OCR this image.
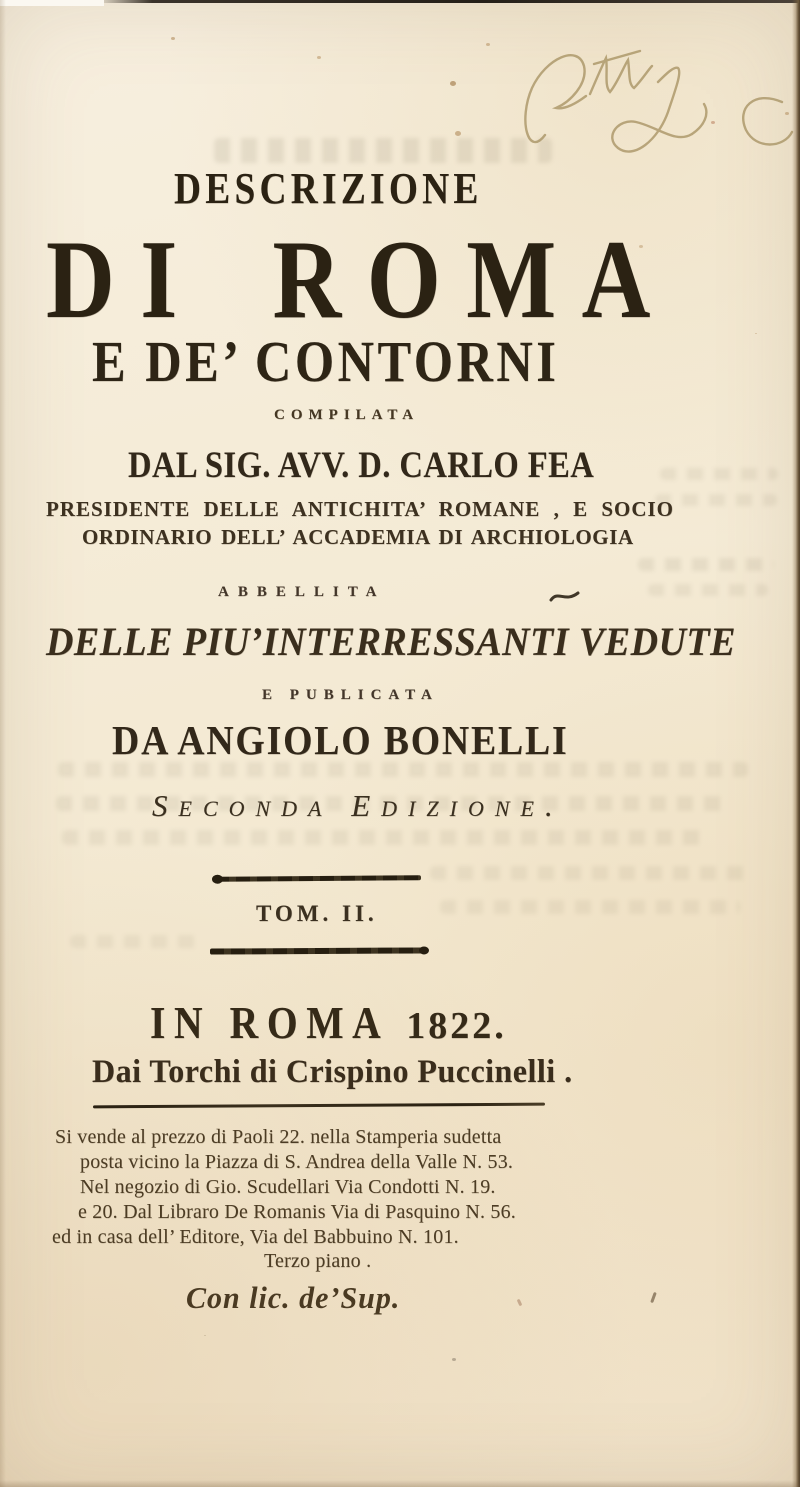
DESCRIZIONE
DI ROMA
E DE’ CONTORNI
COMPILATA
DAL SIG. AVV. D. CARLO FEA
PRESIDENTE DELLE ANTICHITA’ ROMANE , E SOCIO
ORDINARIO DELL’ ACCADEMIA DI ARCHIOLOGIA
ABBELLITA
DELLE PIU’INTERRESSANTI VEDUTE
E PUBLICATA
DA ANGIOLO BONELLI
Seconda Edizione.
TOM. II.
IN ROMA 1822.
Dai Torchi di Crispino Puccinelli .
Si vende al prezzo di Paoli 22. nella Stamperia sudetta
posta vicino la Piazza di S. Andrea della Valle N. 53.
Nel negozio di Gio. Scudellari Via Condotti N. 19.
e 20. Dal Libraro De Romanis Via di Pasquino N. 56.
ed in casa dell’ Editore, Via del Babbuino N. 101.
Terzo piano .
Con lic. de’Sup.
